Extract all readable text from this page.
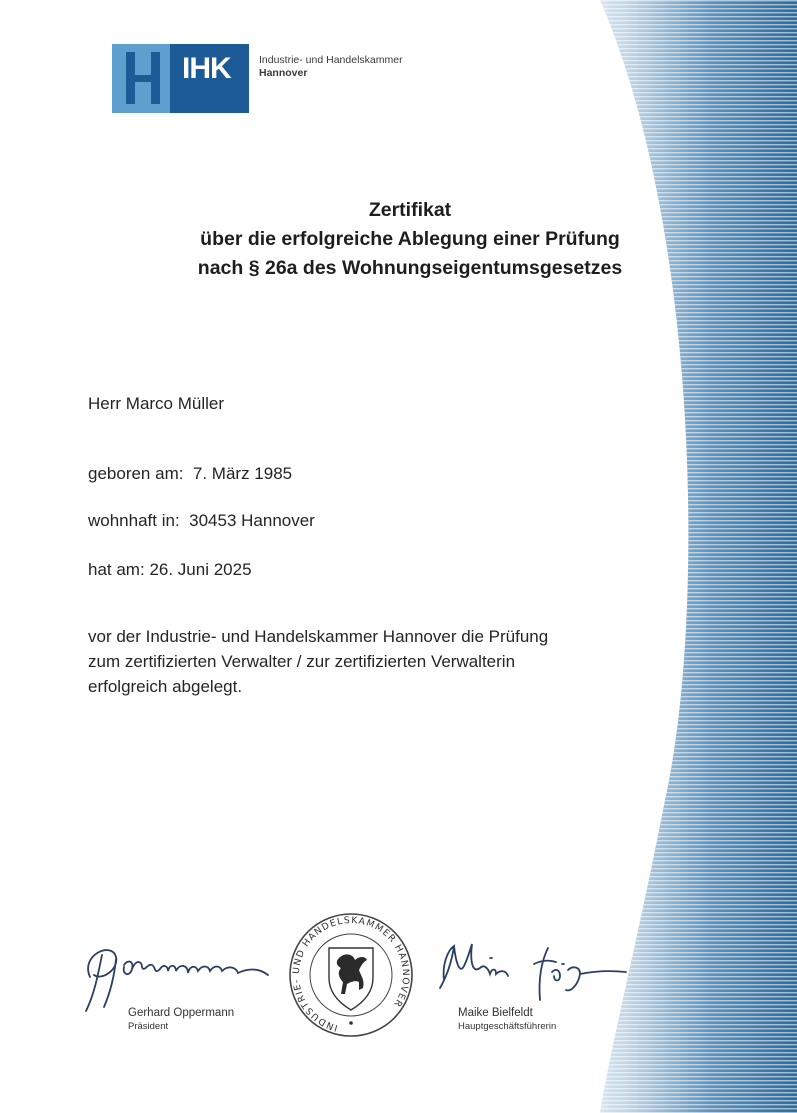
IHK	Industrie- und Handelskammer
Hannover
Zertifikat
über die erfolgreiche Ablegung einer Prüfung
nach § 26a des Wohnungseigentumsgesetzes
Herr Marco Müller
geboren am: 7. März 1985
wohnhaft in: 30453 Hannover
hat am: 26. Juni 2025
vor der Industrie- und Handelskammer Hannover die Prüfung
zum zertifizierten Verwalter / zur zertifizierten Verwalterin
erfolgreich abgelegt.
Gerhard Oppermann
Präsident	INDUSTRIE- UND HANDELSKAMMER HANNOVER
Maike Bielfeldt
Hauptgeschäftsführerin
